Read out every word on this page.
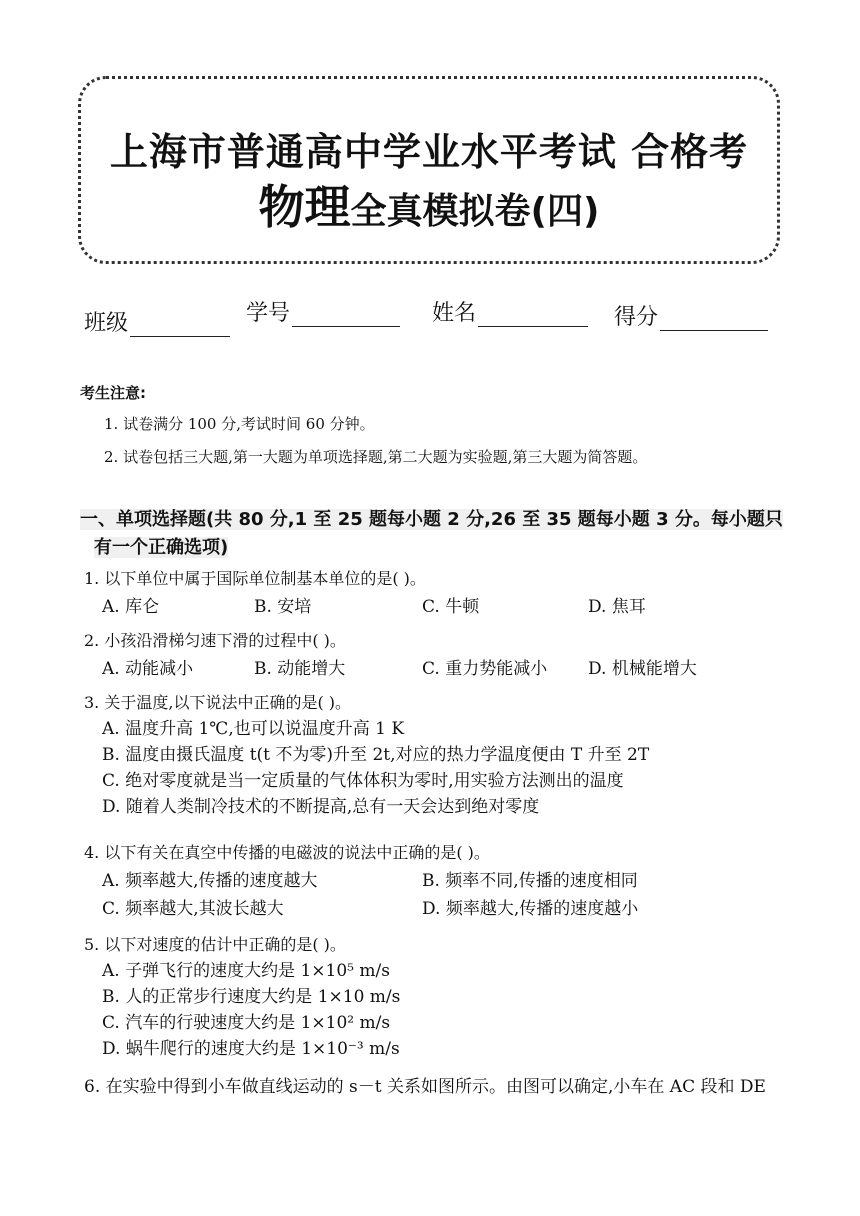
上海市普通高中学业水平考试 合格考
物理全真模拟卷(四)
班级	学号	姓名	得分
考生注意:
1. 试卷满分 100 分,考试时间 60 分钟。
2. 试卷包括三大题,第一大题为单项选择题,第二大题为实验题,第三大题为简答题。
一、单项选择题(共 80 分,1 至 25 题每小题 2 分,26 至 35 题每小题 3 分。每小题只
有一个正确选项)
1. 以下单位中属于国际单位制基本单位的是( )。
A. 库仑	B. 安培	C. 牛顿	D. 焦耳
2. 小孩沿滑梯匀速下滑的过程中( )。
A. 动能减小	B. 动能增大	C. 重力势能减小	D. 机械能增大
3. 关于温度,以下说法中正确的是( )。
A. 温度升高 1℃,也可以说温度升高 1 K
B. 温度由摄氏温度 t(t 不为零)升至 2t,对应的热力学温度便由 T 升至 2T
C. 绝对零度就是当一定质量的气体体积为零时,用实验方法测出的温度
D. 随着人类制冷技术的不断提高,总有一天会达到绝对零度
4. 以下有关在真空中传播的电磁波的说法中正确的是( )。
A. 频率越大,传播的速度越大	B. 频率不同,传播的速度相同
C. 频率越大,其波长越大	D. 频率越大,传播的速度越小
5. 以下对速度的估计中正确的是( )。
A. 子弹飞行的速度大约是 1×10⁵ m/s
B. 人的正常步行速度大约是 1×10 m/s
C. 汽车的行驶速度大约是 1×10² m/s
D. 蜗牛爬行的速度大约是 1×10⁻³ m/s
6. 在实验中得到小车做直线运动的 s－t 关系如图所示。由图可以确定,小车在 AC 段和 DE
